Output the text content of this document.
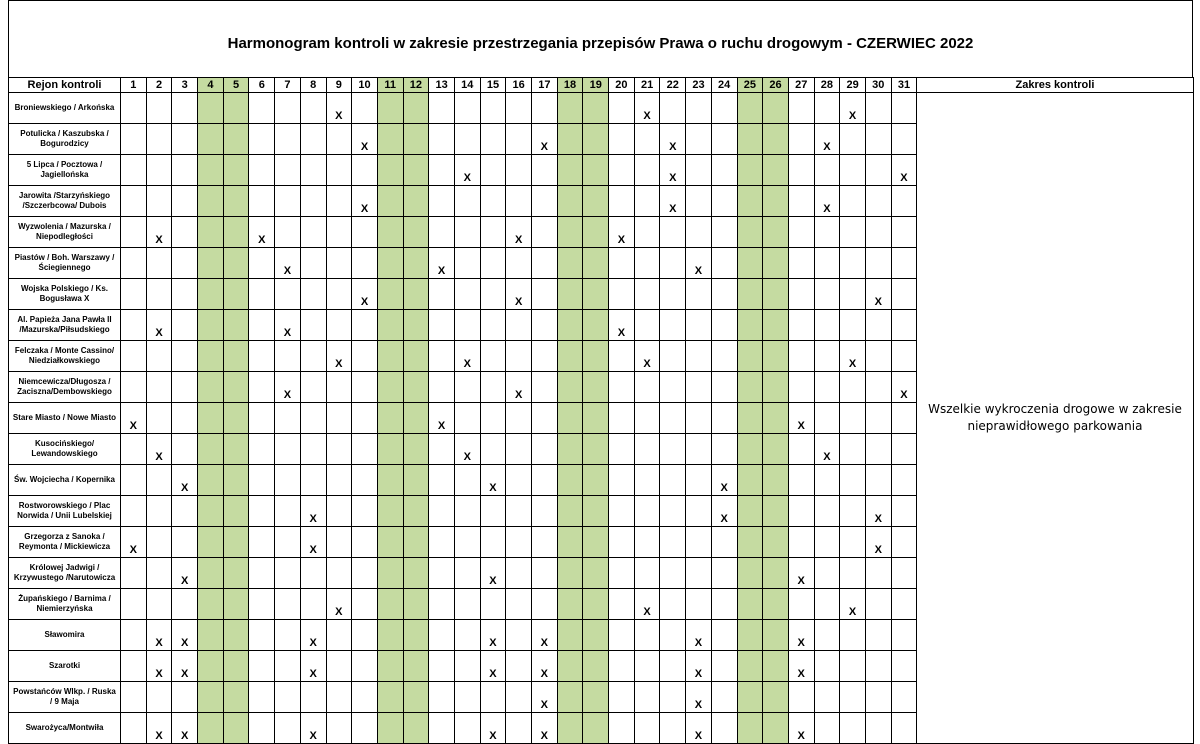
Harmonogram kontroli w zakresie przestrzegania przepisów Prawa o ruchu drogowym - CZERWIEC 2022
Rejon kontroli	1	2	3	4	5	6	7	8	9	10	11	12	13	14	15	16	17	18	19	20	21	22	23	24	25	26	27	28	29	30	31	Zakres kontroli
Broniewskiego / Arkońska									X												X								X			Wszelkie wykroczenia drogowe w zakresie nieprawidłowego parkowania
Potulicka / Kaszubska / Bogurodzicy										X							X					X						X				
5 Lipca / Pocztowa / Jagiellońska														X								X									X	
Jarowita /Starzyńskiego /Szczerbcowa/ Dubois										X												X						X				
Wyzwolenia / Mazurska / Niepodległości		X				X										X				X												
Piastów / Boh. Warszawy / Ściegiennego							X						X										X									
Wojska Polskiego / Ks. Bogusława X										X						X														X		
Al. Papieża Jana Pawła II /Mazurska/Piłsudskiego		X					X													X												
Felczaka / Monte Cassino/ Niedziałkowskiego									X					X							X								X			
Niemcewicza/Długosza / Zaciszna/Dembowskiego							X									X															X	
Stare Miasto / Nowe Miasto	X												X														X					
Kusocińskiego/ Lewandowskiego		X												X														X				
Św. Wojciecha / Kopernika			X												X									X								
Rostworowskiego / Plac Norwida / Unii Lubelskiej								X																X						X		
Grzegorza z Sanoka / Reymonta / Mickiewicza	X							X																						X		
Królowej Jadwigi / Krzywustego /Narutowicza			X												X												X					
Żupańskiego / Barnima / Niemierzyńska									X												X								X			
Sławomira		X	X					X							X		X						X				X					
Szarotki		X	X					X							X		X						X				X					
Powstańców Wlkp. / Ruska / 9 Maja																	X						X									
Swarożyca/Montwiła		X	X					X							X		X						X				X					
